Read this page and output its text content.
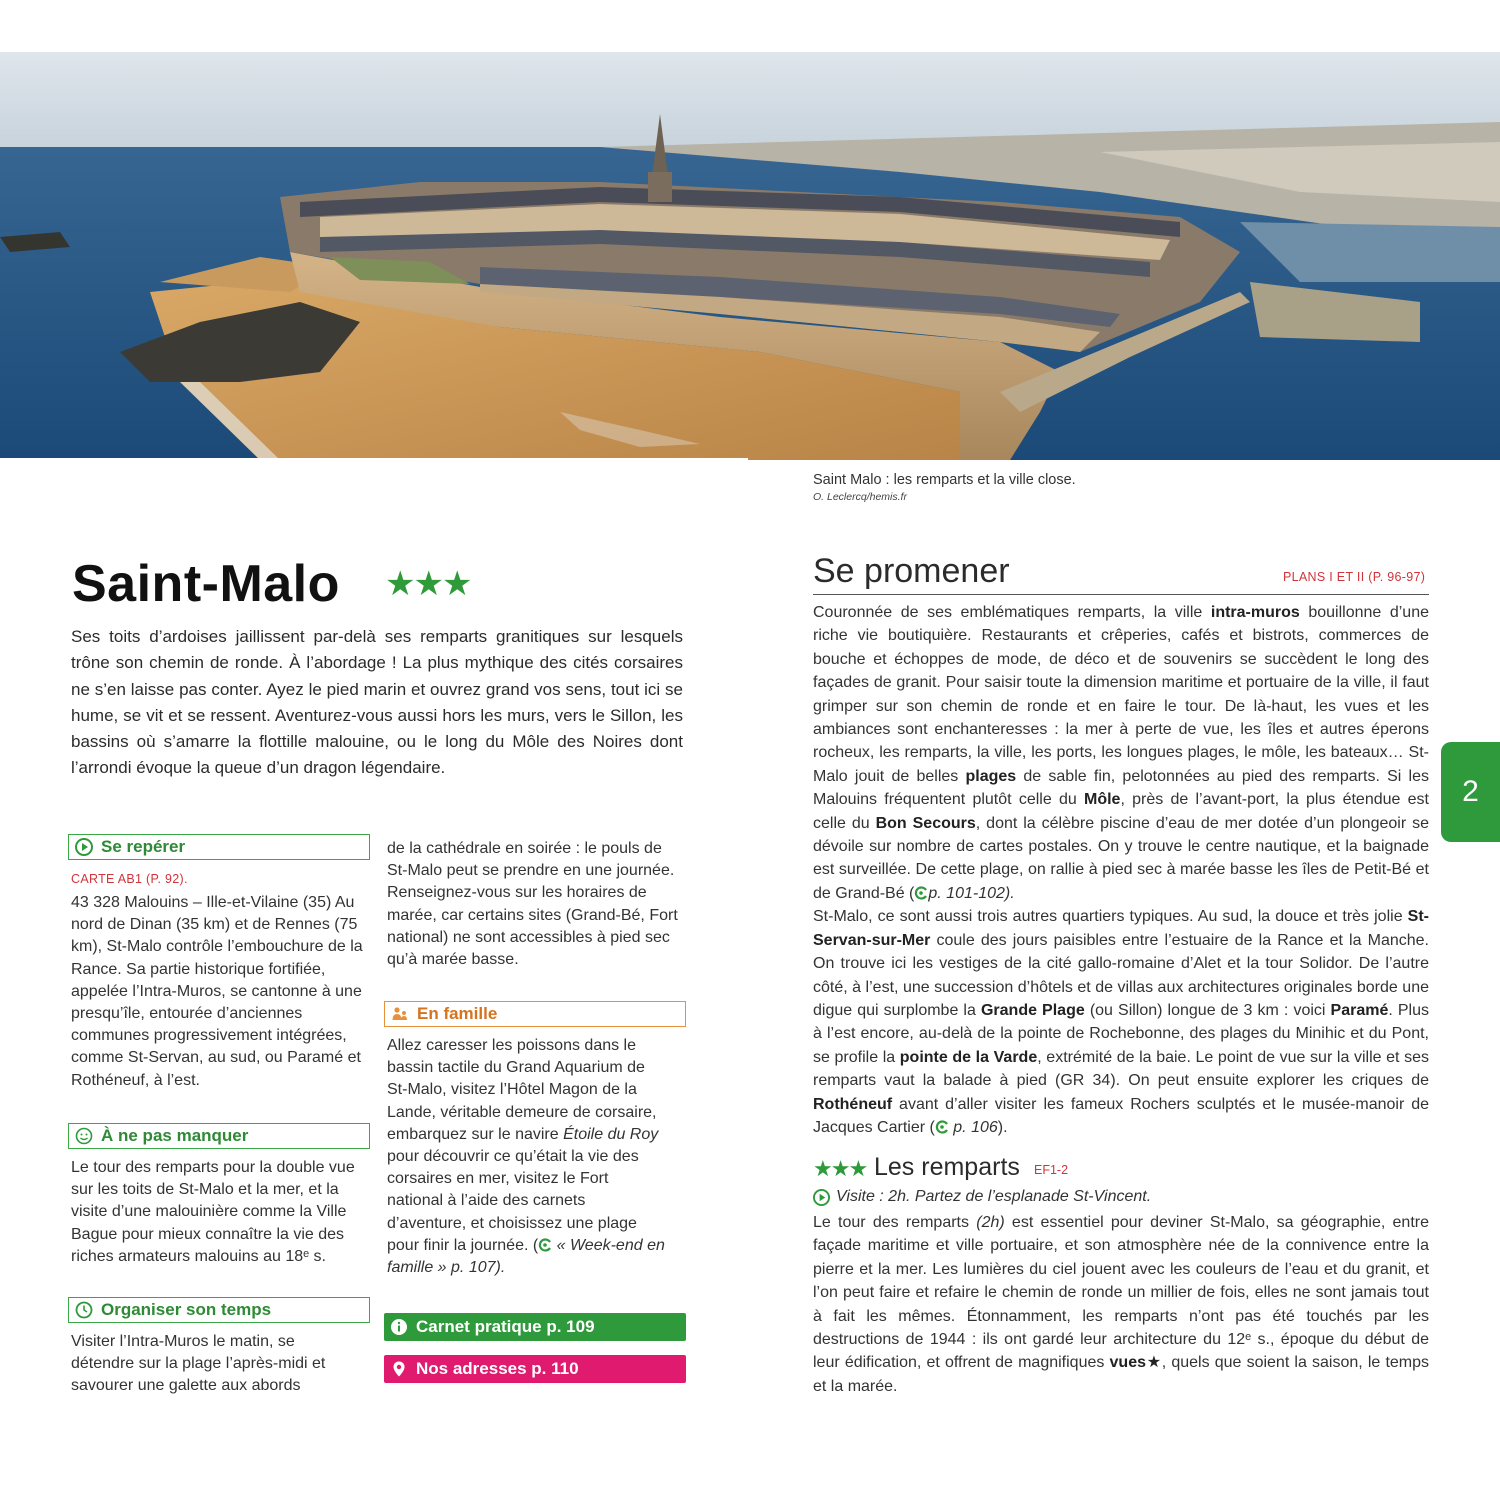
Saint Malo : les remparts et la ville close.
O. Leclercq/hemis.fr
Saint-Malo ★★★
Ses toits d’ardoises jaillissent par-delà ses remparts granitiques sur lesquels trône son chemin de ronde. À l’abordage ! La plus mythique des cités corsaires ne s’en laisse pas conter. Ayez le pied marin et ouvrez grand vos sens, tout ici se hume, se vit et se ressent. Aventurez-vous aussi hors les murs, vers le Sillon, les bassins où s’amarre la flottille malouine, ou le long du Môle des Noires dont l’arrondi évoque la queue d’un dragon légendaire.
Se repérer
CARTE AB1 (P. 92).
43 328 Malouins – Ille-et-Vilaine (35) Au nord de Dinan (35 km) et de Rennes (75 km), St-Malo contrôle l’embouchure de la Rance. Sa partie historique fortifiée, appelée l’Intra-Muros, se cantonne à une presqu’île, entourée d’anciennes communes progressivement intégrées, comme St-Servan, au sud, ou Paramé et Rothéneuf, à l’est.
À ne pas manquer
Le tour des remparts pour la double vue sur les toits de St-Malo et la mer, et la visite d’une malouinière comme la Ville Bague pour mieux connaître la vie des riches armateurs malouins au 18ᵉ s.
Organiser son temps
Visiter l’Intra-Muros le matin, se détendre sur la plage l’après-midi et savourer une galette aux abords
de la cathédrale en soirée : le pouls de St-Malo peut se prendre en une journée. Renseignez-vous sur les horaires de marée, car certains sites (Grand-Bé, Fort national) ne sont accessibles à pied sec qu’à marée basse.
En famille
Allez caresser les poissons dans le bassin tactile du Grand Aquarium de St-Malo, visitez l’Hôtel Magon de la Lande, véritable demeure de corsaire, embarquez sur le navire Étoile du Roy pour découvrir ce qu’était la vie des corsaires en mer, visitez le Fort national à l’aide des carnets d’aventure, et choisissez une plage pour finir la journée. ( « Week-end en famille » p. 107).
Carnet pratique p. 109
Nos adresses p. 110
Se promener	PLANS I ET II (P. 96-97)

Couronnée de ses emblématiques remparts, la ville intra-muros bouillonne d’une riche vie boutiquière. Restaurants et crêperies, cafés et bistrots, commerces de bouche et échoppes de mode, de déco et de souvenirs se succèdent le long des façades de granit. Pour saisir toute la dimension maritime et portuaire de la ville, il faut grimper sur son chemin de ronde et en faire le tour. De là-haut, les vues et les ambiances sont enchanteresses : la mer à perte de vue, les îles et autres éperons rocheux, les remparts, la ville, les ports, les longues plages, le môle, les bateaux… St-Malo jouit de belles plages de sable fin, pelotonnées au pied des remparts. Si les Malouins fréquentent plutôt celle du Môle, près de l’avant-port, la plus étendue est celle du Bon Secours, dont la célèbre piscine d’eau de mer dotée d’un plongeoir se dévoile sur nombre de cartes postales. On y trouve le centre nautique, et la baignade est surveillée. De cette plage, on rallie à pied sec à marée basse les îles de Petit-Bé et de Grand-Bé ( p. 101-102).

St-Malo, ce sont aussi trois autres quartiers typiques. Au sud, la douce et très jolie St-Servan-sur-Mer coule des jours paisibles entre l’estuaire de la Rance et la Manche. On trouve ici les vestiges de la cité gallo-romaine d’Alet et la tour Solidor. De l’autre côté, à l’est, une succession d’hôtels et de villas aux architectures originales borde une digue qui surplombe la Grande Plage (ou Sillon) longue de 3 km : voici Paramé. Plus à l’est encore, au-delà de la pointe de Rochebonne, des plages du Minihic et du Pont, se profile la pointe de la Varde, extrémité de la baie. Le point de vue sur la ville et ses remparts vaut la balade à pied (GR 34). On peut ensuite explorer les criques de Rothéneuf avant d’aller visiter les fameux Rochers sculptés et le musée-manoir de Jacques Cartier ( p. 106).

★★★ Les remparts EF1-2
Visite : 2h. Partez de l’esplanade St-Vincent.

Le tour des remparts (2h) est essentiel pour deviner St-Malo, sa géographie, entre façade maritime et ville portuaire, et son atmosphère née de la connivence entre la pierre et la mer. Les lumières du ciel jouent avec les couleurs de l’eau et du granit, et l’on peut faire et refaire le chemin de ronde un millier de fois, elles ne sont jamais tout à fait les mêmes. Étonnamment, les remparts n’ont pas été touchés par les destructions de 1944 : ils ont gardé leur architecture du 12ᵉ s., époque du début de leur édification, et offrent de magnifiques vues★, quels que soient la saison, le temps et la marée.

2
